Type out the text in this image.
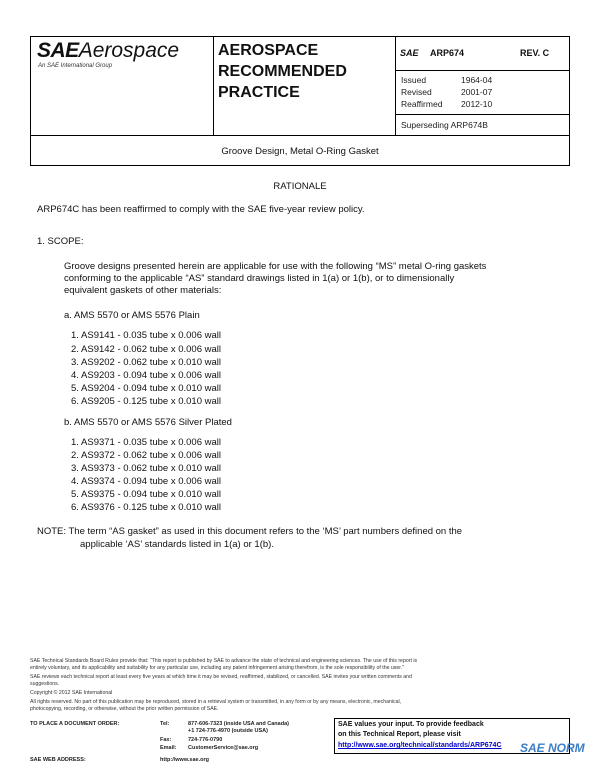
SAEAerospace
An SAE International Group
AEROSPACE
RECOMMENDED
PRACTICE
SAE ARP674	REV. C
Issued	1964-04
Revised	2001-07
Reaffirmed 2012-10
Superseding ARP674B
Groove Design, Metal O-Ring Gasket
RATIONALE
ARP674C has been reaffirmed to comply with the SAE five-year review policy.
1. SCOPE:
Groove designs presented herein are applicable for use with the following “MS” metal O-ring gaskets
conforming to the applicable “AS” standard drawings listed in 1(a) or 1(b), or to dimensionally
equivalent gaskets of other materials:
a. AMS 5570 or AMS 5576 Plain
1. AS9141 - 0.035 tube x 0.006 wall
2. AS9142 - 0.062 tube x 0.006 wall
3. AS9202 - 0.062 tube x 0.010 wall
4. AS9203 - 0.094 tube x 0.006 wall
5. AS9204 - 0.094 tube x 0.010 wall
6. AS9205 - 0.125 tube x 0.010 wall
b. AMS 5570 or AMS 5576 Silver Plated
1. AS9371 - 0.035 tube x 0.006 wall
2. AS9372 - 0.062 tube x 0.006 wall
3. AS9373 - 0.062 tube x 0.010 wall
4. AS9374 - 0.094 tube x 0.006 wall
5. AS9375 - 0.094 tube x 0.010 wall
6. AS9376 - 0.125 tube x 0.010 wall
NOTE: The term “AS gasket” as used in this document refers to the ‘MS’ part numbers defined on the
applicable ‘AS’ standards listed in 1(a) or 1(b).
SAE Technical Standards Board Rules provide that: “This report is published by SAE to advance the state of technical and engineering sciences. The use of this report is
entirely voluntary, and its applicability and suitability for any particular use, including any patent infringement arising therefrom, is the sole responsibility of the user.”
SAE reviews each technical report at least every five years at which time it may be revised, reaffirmed, stabilized, or cancelled. SAE invites your written comments and
suggestions.
Copyright © 2012 SAE International
All rights reserved. No part of this publication may be reproduced, stored in a retrieval system or transmitted, in any form or by any means, electronic, mechanical,
photocopying, recording, or otherwise, without the prior written permission of SAE.
TO PLACE A DOCUMENT ORDER:	Tel:	877-606-7323 (inside USA and Canada)
+1 724-776-4970 (outside USA)
Fax:	724-776-0790
Email: CustomerService@sae.org
SAE WEB ADDRESS:	http://www.sae.org
SAE values your input. To provide feedback
on this Technical Report, please visit
http://www.sae.org/technical/standards/ARP674C SAE NORM
